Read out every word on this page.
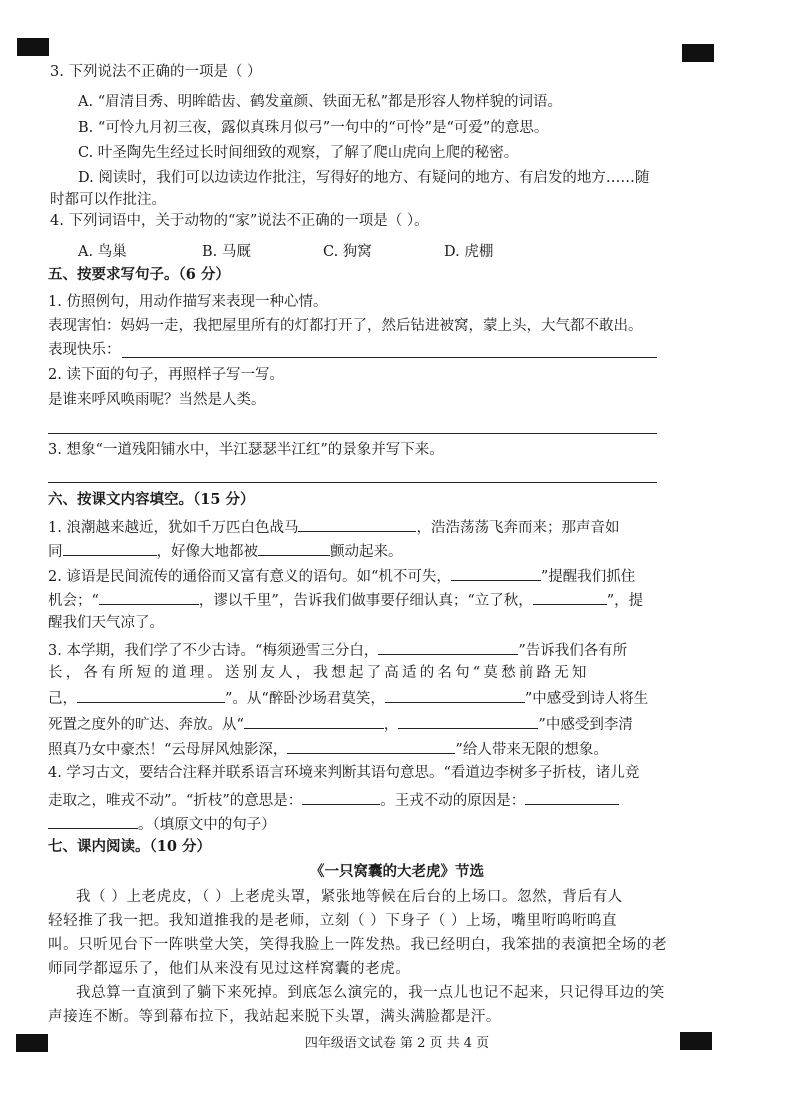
3. 下列说法不正确的一项是（ ）
A. “眉清目秀、明眸皓齿、鹤发童颜、铁面无私”都是形容人物样貌的词语。
B. “可怜九月初三夜，露似真珠月似弓”一句中的“可怜”是“可爱”的意思。
C. 叶圣陶先生经过长时间细致的观察，了解了爬山虎向上爬的秘密。
D. 阅读时，我们可以边读边作批注，写得好的地方、有疑问的地方、有启发的地方……随
时都可以作批注。
4. 下列词语中，关于动物的“家”说法不正确的一项是（ ）。
A. 鸟巢	B. 马厩	C. 狗窝	D. 虎棚
五、按要求写句子。（6 分）
1. 仿照例句，用动作描写来表现一种心情。
表现害怕：妈妈一走，我把屋里所有的灯都打开了，然后钻进被窝，蒙上头，大气都不敢出。
表现快乐：
2. 读下面的句子，再照样子写一写。
是谁来呼风唤雨呢？当然是人类。
3. 想象“一道残阳铺水中，半江瑟瑟半江红”的景象并写下来。
六、按课文内容填空。（15 分）
1. 浪潮越来越近，犹如千万匹白色战马	，浩浩荡荡飞奔而来；那声音如
同	，好像大地都被	颤动起来。
2. 谚语是民间流传的通俗而又富有意义的语句。如“机不可失，	”提醒我们抓住
机会；“	，谬以千里”，告诉我们做事要仔细认真；“立了秋，	”，提
醒我们天气凉了。
3. 本学期，我们学了不少古诗。“梅须逊雪三分白，	”告诉我们各有所
长，各有所短的道理。送别友人，我想起了高适的名句“莫愁前路无知
己，	”。从“醉卧沙场君莫笑，	”中感受到诗人将生
死置之度外的旷达、奔放。从“	，	”中感受到李清
照真乃女中豪杰！“云母屏风烛影深，	”给人带来无限的想象。
4. 学习古文，要结合注释并联系语言环境来判断其语句意思。“看道边李树多子折枝，诸儿竞
走取之，唯戎不动”。“折枝”的意思是：	。王戎不动的原因是：
。（填原文中的句子）
七、课内阅读。（10 分）
《一只窝囊的大老虎》节选
我（ ）上老虎皮，（ ）上老虎头罩，紧张地等候在后台的上场口。忽然，背后有人
轻轻推了我一把。我知道推我的是老师，立刻（ ）下身子（ ）上场，嘴里哘呜哘呜直
叫。只听见台下一阵哄堂大笑，笑得我脸上一阵发热。我已经明白，我笨拙的表演把全场的老
师同学都逗乐了，他们从来没有见过这样窝囊的老虎。
我总算一直演到了躺下来死掉。到底怎么演完的，我一点儿也记不起来，只记得耳边的笑
声接连不断。等到幕布拉下，我站起来脱下头罩，满头满脸都是汗。
四年级语文试卷 第 2 页 共 4 页
